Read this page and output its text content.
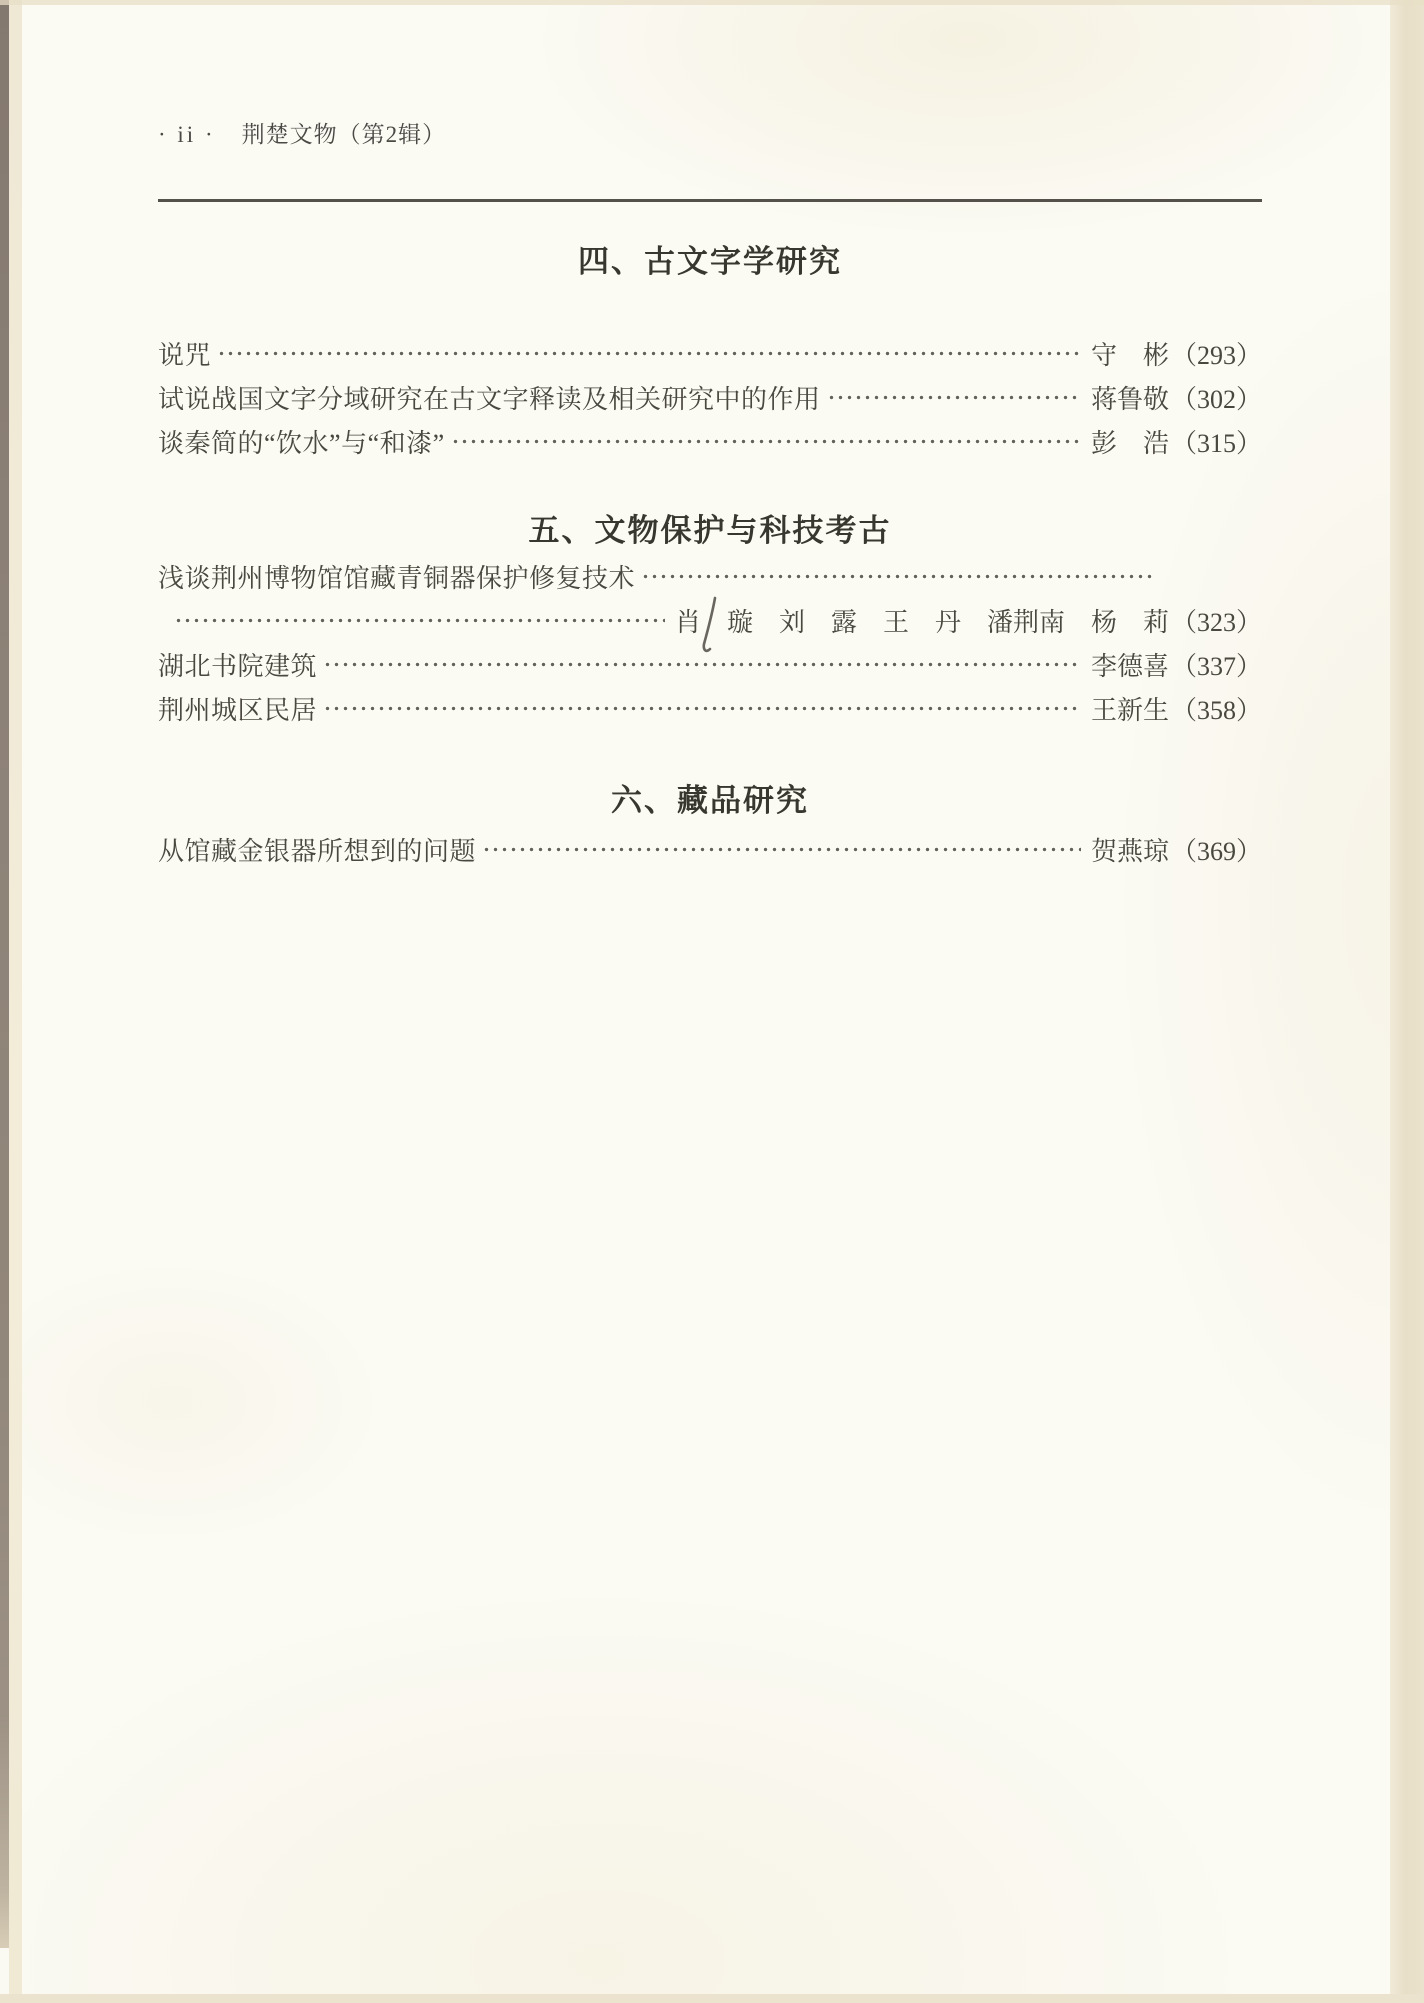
· ii · 荆楚文物（第2辑）
四、古文字学研究
说咒	守　彬 （293）
试说战国文字分域研究在古文字释读及相关研究中的作用	蒋鲁敬 （302）
谈秦简的“饮水”与“和漆”	彭　浩 （315）
五、文物保护与科技考古
浅谈荆州博物馆馆藏青铜器保护修复技术
肖　璇　刘　露　王　丹　潘荆南　杨　莉 （323）
湖北书院建筑	李德喜 （337）
荆州城区民居	王新生 （358）
六、藏品研究
从馆藏金银器所想到的问题	贺燕琼 （369）
